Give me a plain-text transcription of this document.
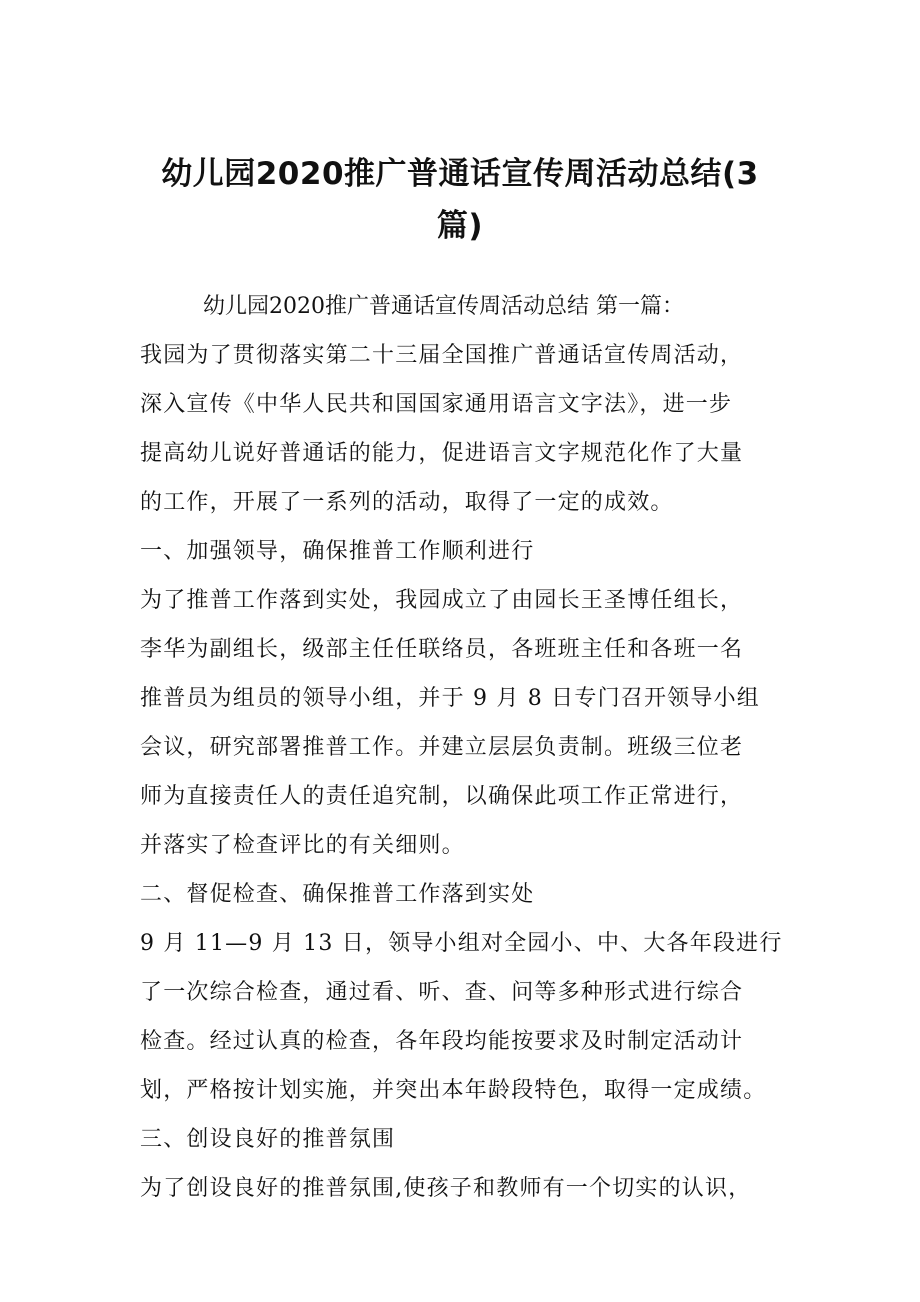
幼儿园2020推广普通话宣传周活动总结(3篇)
幼儿园2020推广普通话宣传周活动总结 第一篇：
我园为了贯彻落实第二十三届全国推广普通话宣传周活动，
深入宣传《中华人民共和国国家通用语言文字法》，进一步
提高幼儿说好普通话的能力，促进语言文字规范化作了大量
的工作，开展了一系列的活动，取得了一定的成效。
一、加强领导，确保推普工作顺利进行
为了推普工作落到实处，我园成立了由园长王圣博任组长，
李华为副组长，级部主任任联络员，各班班主任和各班一名
推普员为组员的领导小组，并于 9 月 8 日专门召开领导小组
会议，研究部署推普工作。并建立层层负责制。班级三位老
师为直接责任人的责任追究制，以确保此项工作正常进行，
并落实了检查评比的有关细则。
二、督促检查、确保推普工作落到实处
9 月 11—9 月 13 日，领导小组对全园小、中、大各年段进行
了一次综合检查，通过看、听、查、问等多种形式进行综合
检查。经过认真的检查，各年段均能按要求及时制定活动计
划，严格按计划实施，并突出本年龄段特色，取得一定成绩。
三、创设良好的推普氛围
为了创设良好的推普氛围,使孩子和教师有一个切实的认识，
